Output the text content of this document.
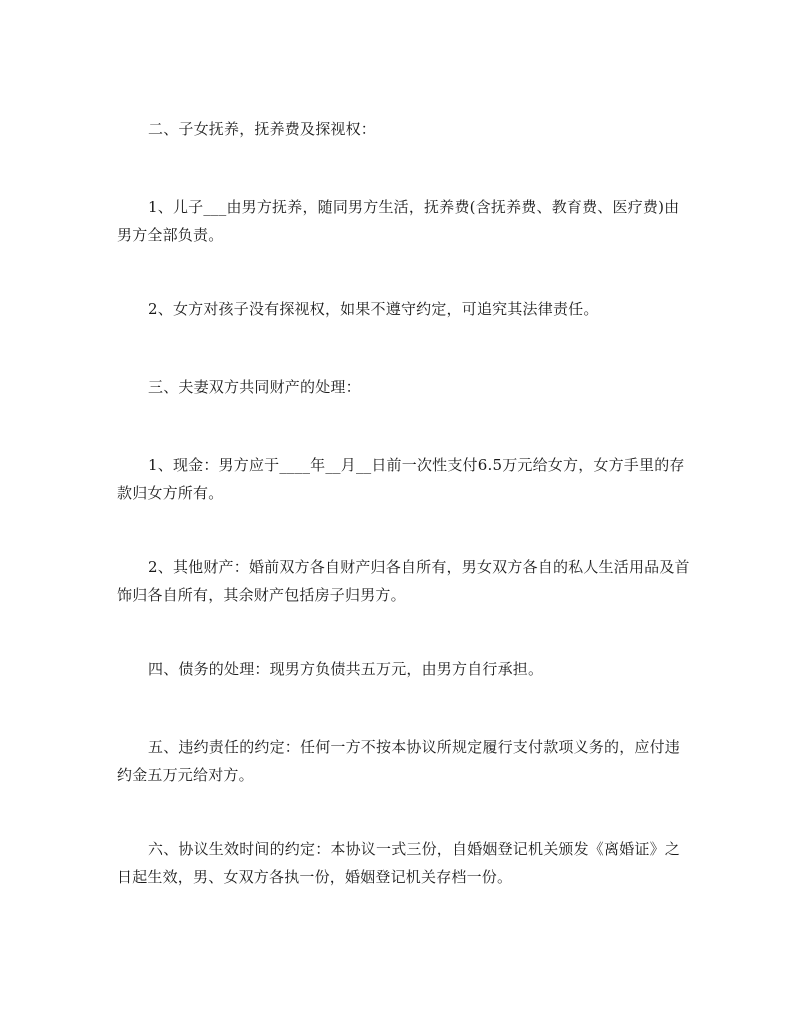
二、子女抚养，抚养费及探视权：

1、儿子___由男方抚养，随同男方生活，抚养费(含抚养费、教育费、医疗费)由男方全部负责。

2、女方对孩子没有探视权，如果不遵守约定，可追究其法律责任。

三、夫妻双方共同财产的处理：

1、现金：男方应于____年__月__日前一次性支付6.5万元给女方，女方手里的存款归女方所有。

2、其他财产：婚前双方各自财产归各自所有，男女双方各自的私人生活用品及首饰归各自所有，其余财产包括房子归男方。

四、债务的处理：现男方负债共五万元，由男方自行承担。

五、违约责任的约定：任何一方不按本协议所规定履行支付款项义务的，应付违约金五万元给对方。

六、协议生效时间的约定：本协议一式三份，自婚姻登记机关颁发《离婚证》之日起生效，男、女双方各执一份，婚姻登记机关存档一份。
